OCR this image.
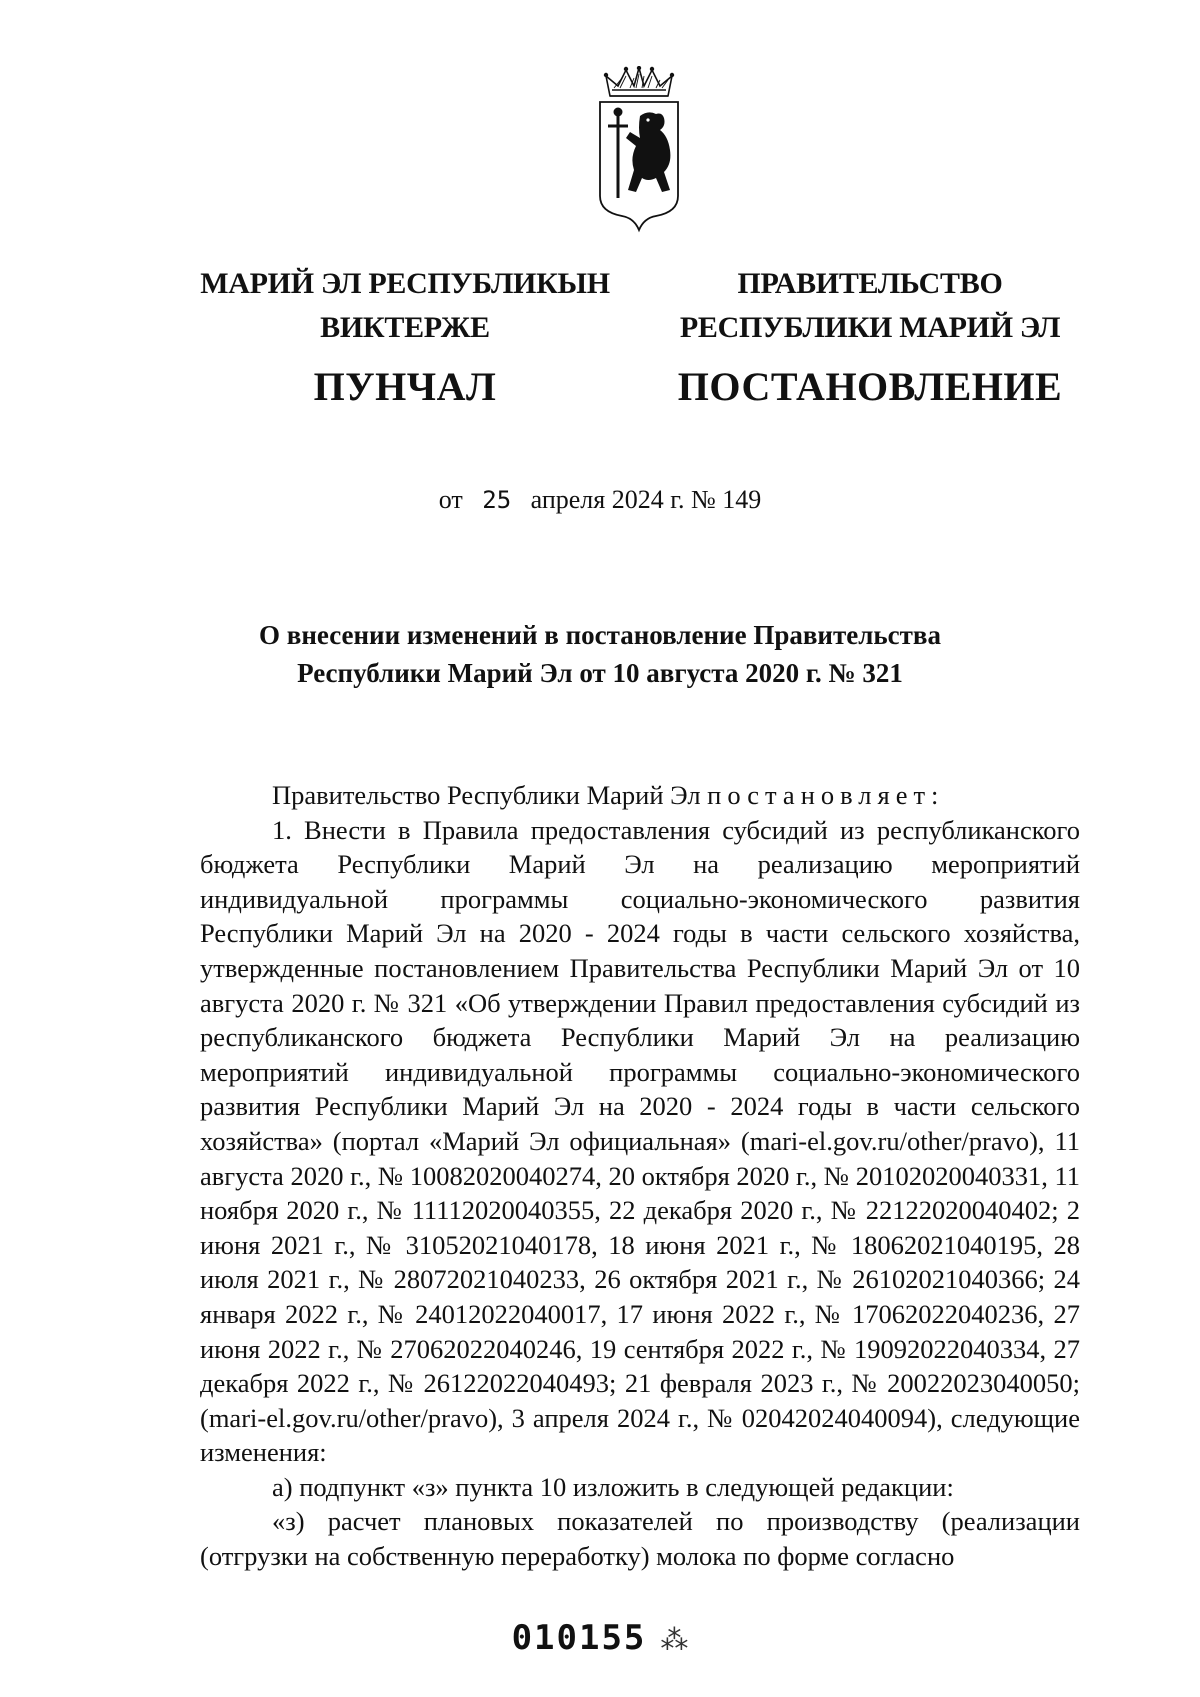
МАРИЙ ЭЛ РЕСПУБЛИКЫН
ВИКТЕРЖЕ
ПУНЧАЛ
ПРАВИТЕЛЬСТВО
РЕСПУБЛИКИ МАРИЙ ЭЛ
ПОСТАНОВЛЕНИЕ
от 25 апреля 2024 г. № 149
О внесении изменений в постановление Правительства
Республики Марий Эл от 10 августа 2020 г. № 321

Правительство Республики Марий Эл постановляет:

1. Внести в Правила предоставления субсидий из республиканского бюджета Республики Марий Эл на реализацию мероприятий индивидуальной программы социально-экономического развития Республики Марий Эл на 2020 - 2024 годы в части сельского хозяйства, утвержденные постановлением Правительства Республики Марий Эл от 10 августа 2020 г. № 321 «Об утверждении Правил предоставления субсидий из республиканского бюджета Республики Марий Эл на реализацию мероприятий индивидуальной программы социально-экономического развития Республики Марий Эл на 2020 - 2024 годы в части сельского хозяйства» (портал «Марий Эл официальная» (mari-el.gov.ru/other/pravo), 11 августа 2020 г., № 10082020040274, 20 октября 2020 г., № 20102020040331, 11 ноября 2020 г., № 11112020040355, 22 декабря 2020 г., № 22122020040402; 2 июня 2021 г., № 31052021040178, 18 июня 2021 г., № 18062021040195, 28 июля 2021 г., № 28072021040233, 26 октября 2021 г., № 26102021040366; 24 января 2022 г., № 24012022040017, 17 июня 2022 г., № 17062022040236, 27 июня 2022 г., № 27062022040246, 19 сентября 2022 г., № 19092022040334, 27 декабря 2022 г., № 26122022040493; 21 февраля 2023 г., № 20022023040050; (mari-el.gov.ru/other/pravo), 3 апреля 2024 г., № 02042024040094), следующие изменения:

а) подпункт «з» пункта 10 изложить в следующей редакции:

«з) расчет плановых показателей по производству (реализации (отгрузки на собственную переработку) молока по форме согласно

010155 ⁂
